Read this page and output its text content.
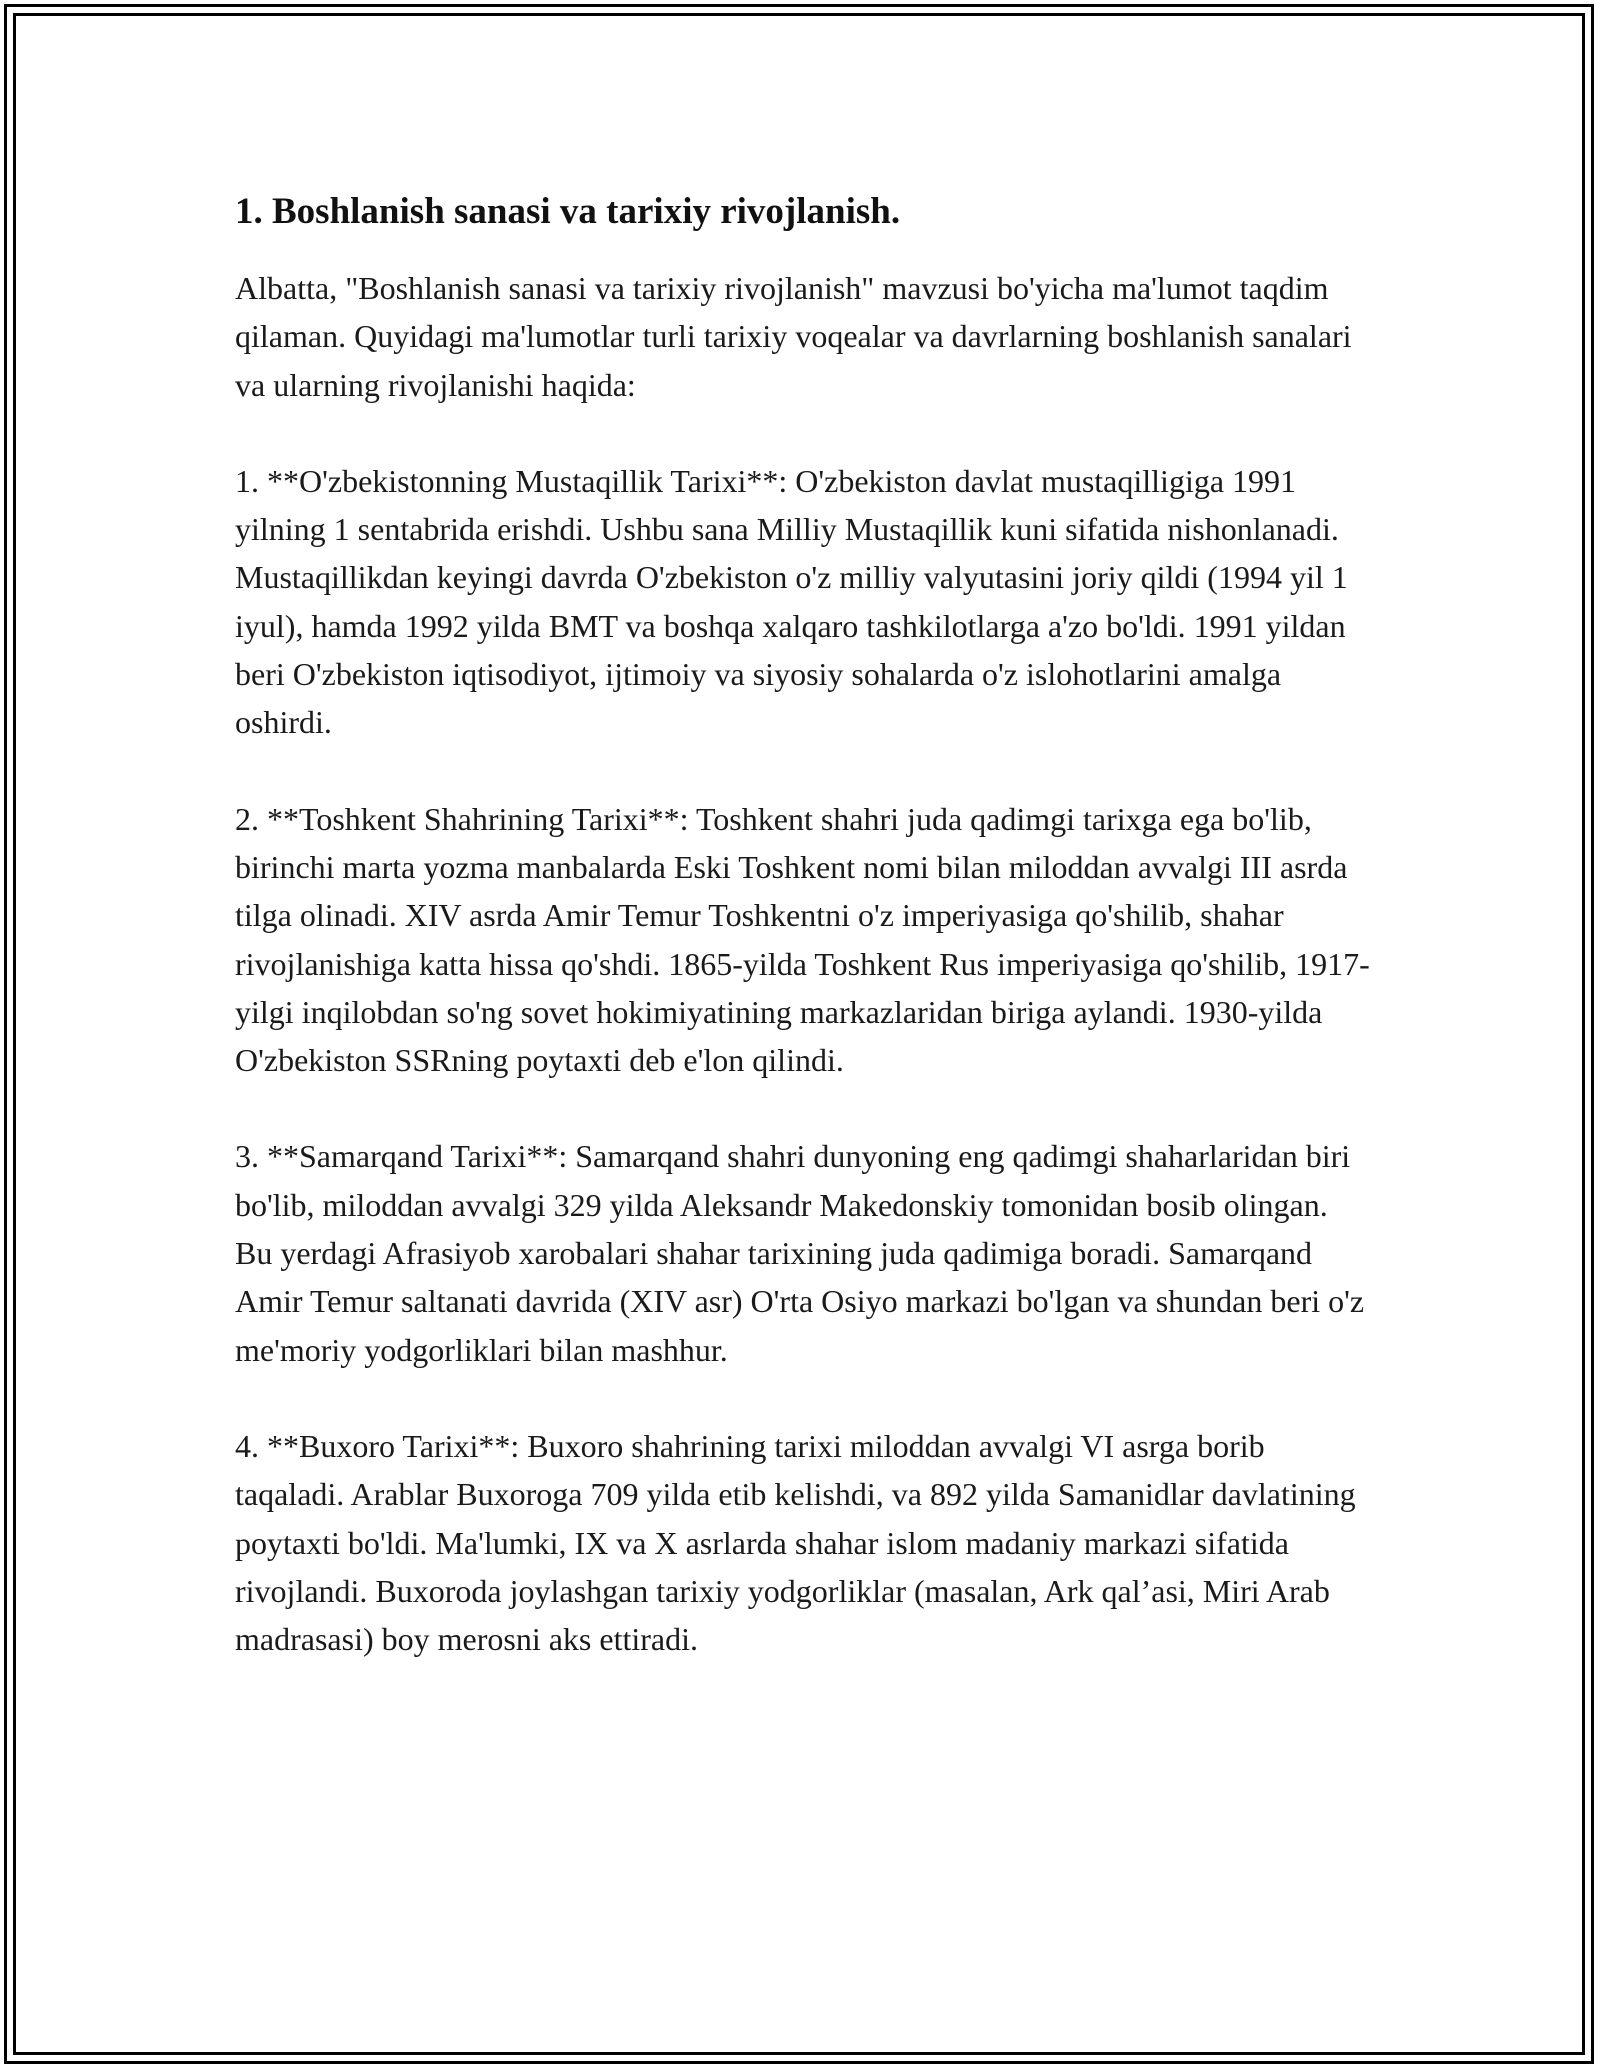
1. Boshlanish sanasi va tarixiy rivojlanish.

Albatta, "Boshlanish sanasi va tarixiy rivojlanish" mavzusi bo'yicha ma'lumot taqdim qilaman. Quyidagi ma'lumotlar turli tarixiy voqealar va davrlarning boshlanish sanalari va ularning rivojlanishi haqida:

1. **O'zbekistonning Mustaqillik Tarixi**: O'zbekiston davlat mustaqilligiga 1991 yilning 1 sentabrida erishdi. Ushbu sana Milliy Mustaqillik kuni sifatida nishonlanadi. Mustaqillikdan keyingi davrda O'zbekiston o'z milliy valyutasini joriy qildi (1994 yil 1 iyul), hamda 1992 yilda BMT va boshqa xalqaro tashkilotlarga a'zo bo'ldi. 1991 yildan beri O'zbekiston iqtisodiyot, ijtimoiy va siyosiy sohalarda o'z islohotlarini amalga oshirdi.

2. **Toshkent Shahrining Tarixi**: Toshkent shahri juda qadimgi tarixga ega bo'lib, birinchi marta yozma manbalarda Eski Toshkent nomi bilan miloddan avvalgi III asrda tilga olinadi. XIV asrda Amir Temur Toshkentni o'z imperiyasiga qo'shilib, shahar rivojlanishiga katta hissa qo'shdi. 1865-yilda Toshkent Rus imperiyasiga qo'shilib, 1917-yilgi inqilobdan so'ng sovet hokimiyatining markazlaridan biriga aylandi. 1930-yilda O'zbekiston SSRning poytaxti deb e'lon qilindi.

3. **Samarqand Tarixi**: Samarqand shahri dunyoning eng qadimgi shaharlaridan biri bo'lib, miloddan avvalgi 329 yilda Aleksandr Makedonskiy tomonidan bosib olingan. Bu yerdagi Afrasiyob xarobalari shahar tarixining juda qadimiga boradi. Samarqand Amir Temur saltanati davrida (XIV asr) O'rta Osiyo markazi bo'lgan va shundan beri o'z me'moriy yodgorliklari bilan mashhur.

4. **Buxoro Tarixi**: Buxoro shahrining tarixi miloddan avvalgi VI asrga borib taqaladi. Arablar Buxoroga 709 yilda etib kelishdi, va 892 yilda Samanidlar davlatining poytaxti bo'ldi. Ma'lumki, IX va X asrlarda shahar islom madaniy markazi sifatida rivojlandi. Buxoroda joylashgan tarixiy yodgorliklar (masalan, Ark qal’asi, Miri Arab madrasasi) boy merosni aks ettiradi.
